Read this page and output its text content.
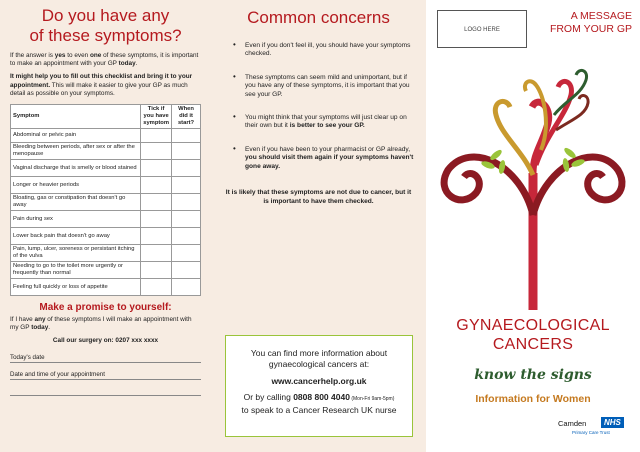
Do you have any
of these symptoms?

If the answer is yes to even one of these symptoms, it is important to make an appointment with your GP today.

It might help you to fill out this checklist and bring it to your appointment. This will make it easier to give your GP as much detail as possible on your symptoms.

Symptom	Tick if you have symptom	When did it start?
Abdominal or pelvic pain		
Bleeding between periods, after sex or after the menopause		
Vaginal discharge that is smelly or blood stained		
Longer or heavier periods		
Bloating, gas or constipation that doesn't go away		
Pain during sex		
Lower back pain that doesn't go away		
Pain, lump, ulcer, soreness or persistant itching of the vulva		
Needing to go to the toilet more urgently or frequently than normal		
Feeling full quickly or loss of appetite		
Make a promise to yourself:

If I have any of these symptoms I will make an appointment with my GP today.

Call our surgery on: 0207 xxx xxxx

Today's date
Date and time of your appointment
Common concerns
• Even if you don't feel ill, you should have your symptoms checked.
• These symptoms can seem mild and unimportant, but if you have any of these symptoms, it is important that you see your GP.
• You might think that your symptoms will just clear up on their own but it is better to see your GP.
• Even if you have been to your pharmacist or GP already, you should visit them again if your symptoms haven't gone away.
It is likely that these symptoms are not due to cancer, but it is important to have them checked.
You can find more information about
gynaecological cancers at:
www.cancerhelp.org.uk
Or by calling 0808 800 4040 (Mon-Fri 9am-5pm)
to speak to a Cancer Research UK nurse
LOGO HERE
A MESSAGE
FROM YOUR GP
GYNAECOLOGICAL
CANCERS
know the signs
Information for Women
Camden	NHS
Primary Care Trust
